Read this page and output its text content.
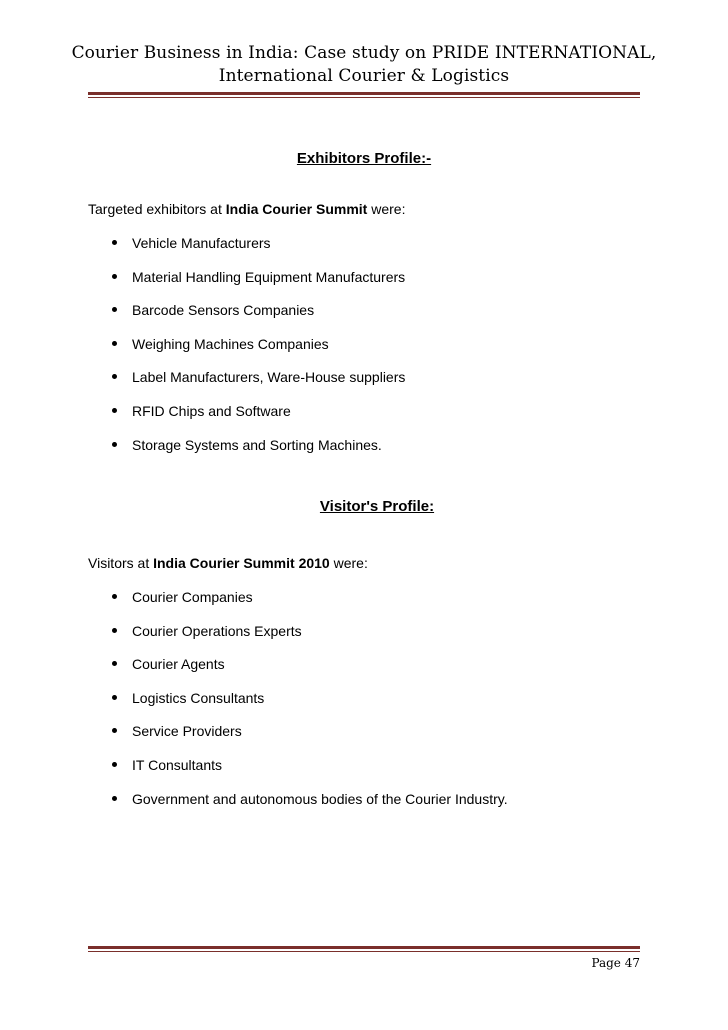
Courier Business in India: Case study on PRIDE INTERNATIONAL,
International Courier & Logistics
Exhibitors Profile:-
Targeted exhibitors at India Courier Summit were:
Vehicle Manufacturers
Material Handling Equipment Manufacturers
Barcode Sensors Companies
Weighing Machines Companies
Label Manufacturers, Ware-House suppliers
RFID Chips and Software
Storage Systems and Sorting Machines.
Visitor's Profile:
Visitors at India Courier Summit 2010 were:
Courier Companies
Courier Operations Experts
Courier Agents
Logistics Consultants
Service Providers
IT Consultants
Government and autonomous bodies of the Courier Industry.
Page 47
